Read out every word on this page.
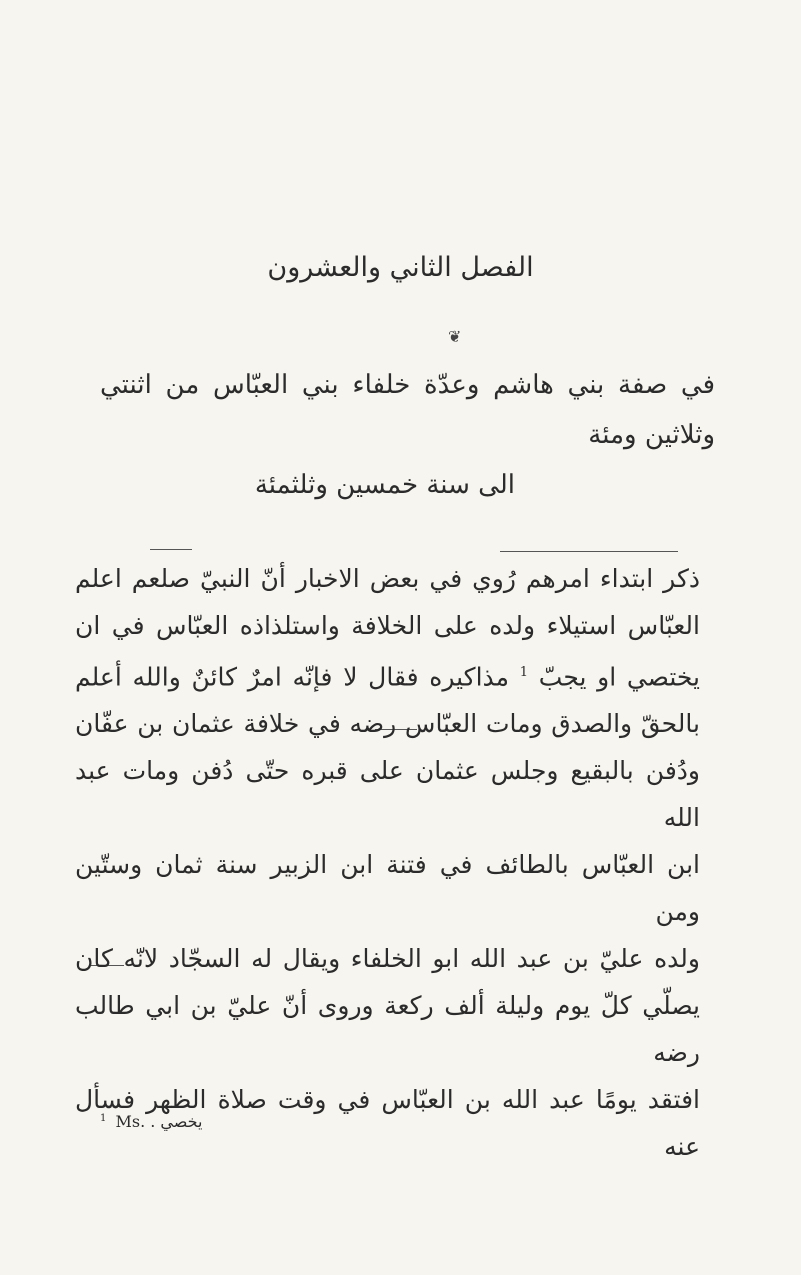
الفصل الثاني والعشرون
❦
في صفة بني هاشم وعدّة خلفاء بني العبّاس من اثنتي وثلاثين ومئة
الى سنة خمسين وثلثمئة

ذكر ابتداء امرهم رُوي في بعض الاخبار أنّ النبيّ صلعم اعلم

العبّاس استيلاء ولده على الخلافة واستلذاذه العبّاس في ان

يختصي او يجبّ $^1$ مذاكيره فقال لا فإنّه امرٌ كائنٌ والله أعلم

بالحقّ والصدق ومات العبّاس رضه في خلافة عثمان بن عفّان

ودُفن بالبقيع وجلس عثمان على قبره حتّى دُفن ومات عبد الله

ابن العبّاس بالطائف في فتنة ابن الزبير سنة ثمان وستّين ومن

ولده عليّ بن عبد الله ابو الخلفاء ويقال له السجّاد لانّه كان

يصلّي كلّ يوم وليلة ألف ركعة وروى أنّ عليّ بن ابي طالب رضه

افتقد يومًا عبد الله بن العبّاس في وقت صلاة الظهر فسأل عنه

$^1$ Ms. يخصي .
